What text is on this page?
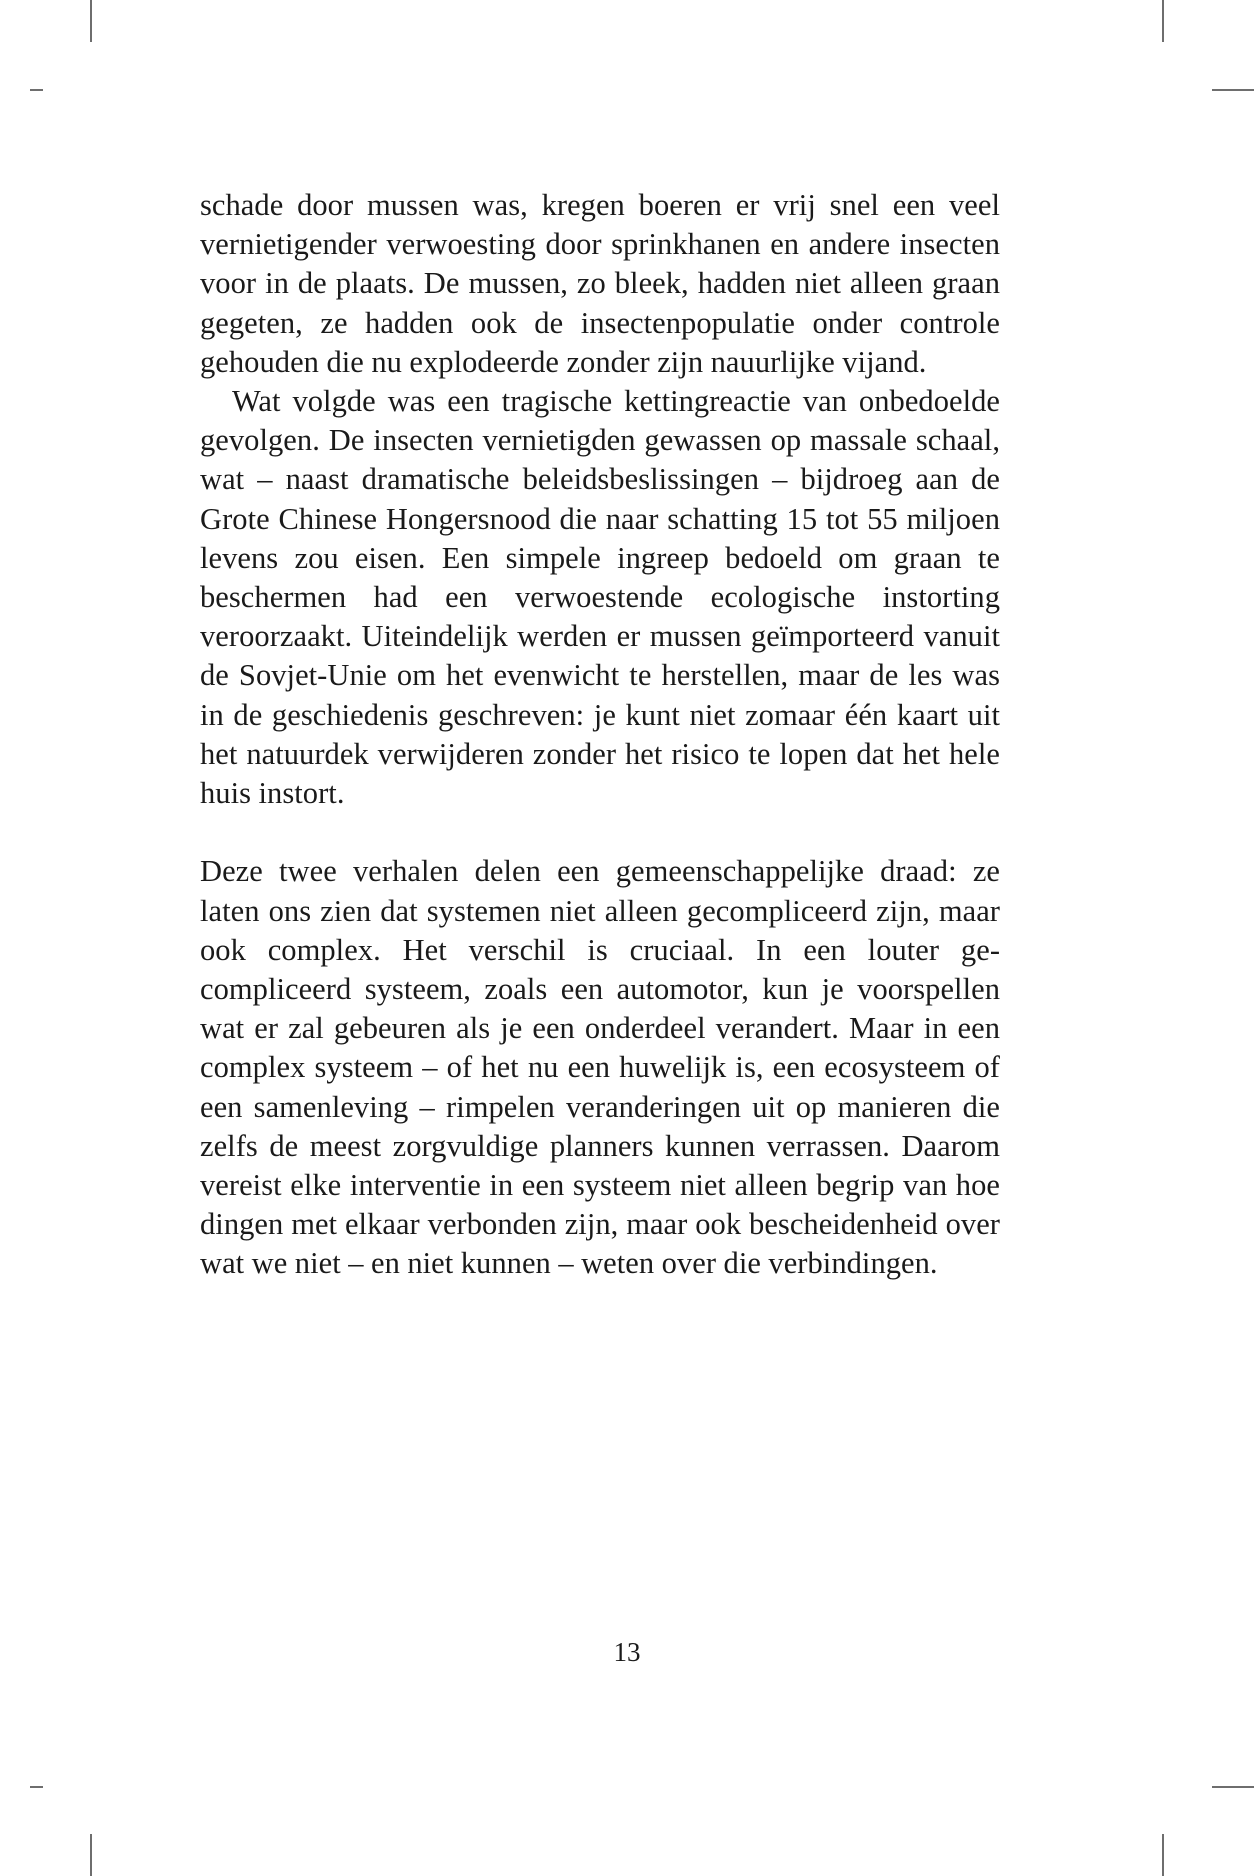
schade door mussen was, kregen boeren er vrij snel een veel vernietigender verwoesting door sprinkhanen en andere insecten voor in de plaats. De mussen, zo bleek, hadden niet alleen graan gegeten, ze hadden ook de insectenpopulatie onder controle gehouden die nu explodeerde zonder zijn nauurlijke vijand.

Wat volgde was een tragische kettingreactie van onbedoelde gevolgen. De insecten vernietigden gewassen op massale schaal, wat – naast dramatische beleidsbeslissingen – bijdroeg aan de Grote Chinese Hongersnood die naar schatting 15 tot 55 miljoen levens zou eisen. Een simpele ingreep bedoeld om graan te beschermen had een verwoestende ecologische instorting veroorzaakt. Uiteindelijk werden er mussen geïmporteerd vanuit de Sovjet-Unie om het evenwicht te herstellen, maar de les was in de geschiedenis geschreven: je kunt niet zomaar één kaart uit het natuurdek verwijderen zonder het risico te lopen dat het hele huis instort.

Deze twee verhalen delen een gemeenschappelijke draad: ze laten ons zien dat systemen niet alleen gecompliceerd zijn, maar ook complex. Het verschil is cruciaal. In een louter gecompliceerd systeem, zoals een automotor, kun je voorspellen wat er zal gebeuren als je een onderdeel verandert. Maar in een complex systeem – of het nu een huwelijk is, een ecosysteem of een samenleving – rimpelen veranderingen uit op manieren die zelfs de meest zorgvuldige planners kunnen verrassen. Daarom vereist elke interventie in een systeem niet alleen begrip van hoe dingen met elkaar verbonden zijn, maar ook bescheidenheid over wat we niet – en niet kunnen – weten over die verbindingen.

13
